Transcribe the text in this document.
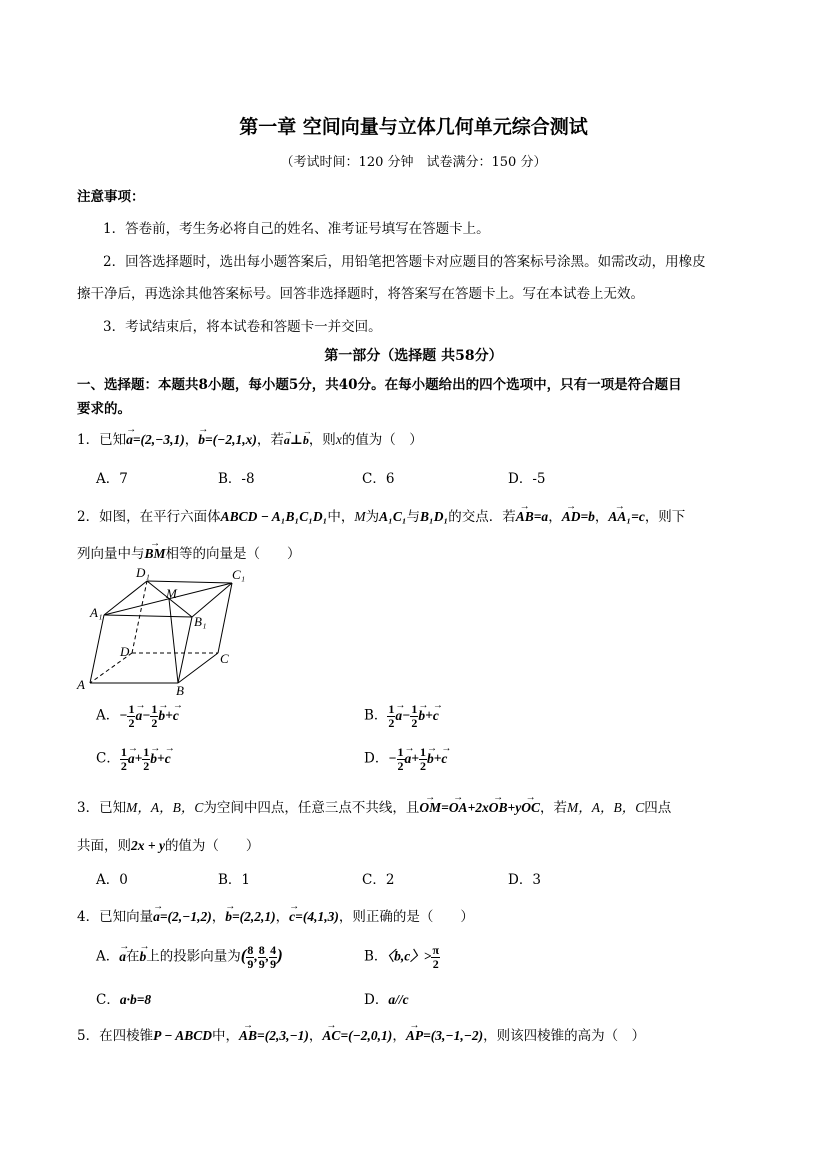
第一章 空间向量与立体几何单元综合测试
（考试时间：120 分钟　试卷满分：150 分）
注意事项：
1．答卷前，考生务必将自己的姓名、准考证号填写在答题卡上。
2．回答选择题时，选出每小题答案后，用铅笔把答题卡对应题目的答案标号涂黑。如需改动，用橡皮
擦干净后，再选涂其他答案标号。回答非选择题时，将答案写在答题卡上。写在本试卷上无效。
3．考试结束后，将本试卷和答题卡一并交回。
第一部分（选择题 共58分）
一、选择题：本题共8小题，每小题5分，共40分。在每小题给出的四个选项中，只有一项是符合题目
要求的。
1．已知→ a=(2,−3,1)，→ b=(−2,1,x)，若→ a⊥→ b，则x的值为（　）
A．7	B．-8	C．6	D．-5
2．如图，在平行六面体ABCD − A₁B₁C₁D₁中，M为A₁C₁与B₁D₁的交点．若→ AB=a，→ AD=b，→ AA₁=c，则下
列向量中与→ BM相等的向量是（　　）
D₁	C₁
A₁
B₁
M
D	C
A	B
A．− $\frac{1}{2}$
→ $a- \frac{1}{2}$
→ b+→ c	B． $\frac{1}{2}$
→ $a- \frac{1}{2}$
→ b+→ c
C． $\frac{1}{2}$
→ $a+ \frac{1}{2}$
→ b+→ c	D．− $\frac{1}{2}$
→ $a+ \frac{1}{2}$
→ b+→ c
3．已知M，A，B，C为空间中四点，任意三点不共线，且→ OM=→ OA+2x→ OB+y→ OC，若M，A，B，C四点
共面，则2x + y的值为（　　）
A．0	B．1	C．2	D．3
4．已知向量→ a=(2,−1,2)，→ b=(2,2,1)，→ c=(4,1,3)，则正确的是（　　）
A．→ a在→ b上的投影向量为( $\frac{8}{9}$ , $\frac{8}{9}$ , $\frac{4}{9}$ )	B．〈b,c〉> $\frac{\pi}{2}$
C．a·b=8	D．a//c
5．在四棱锥P − ABCD中，→ AB=(2,3,−1)，→ AC=(−2,0,1)，→ AP=(3,−1,−2)，则该四棱锥的高为（　）
